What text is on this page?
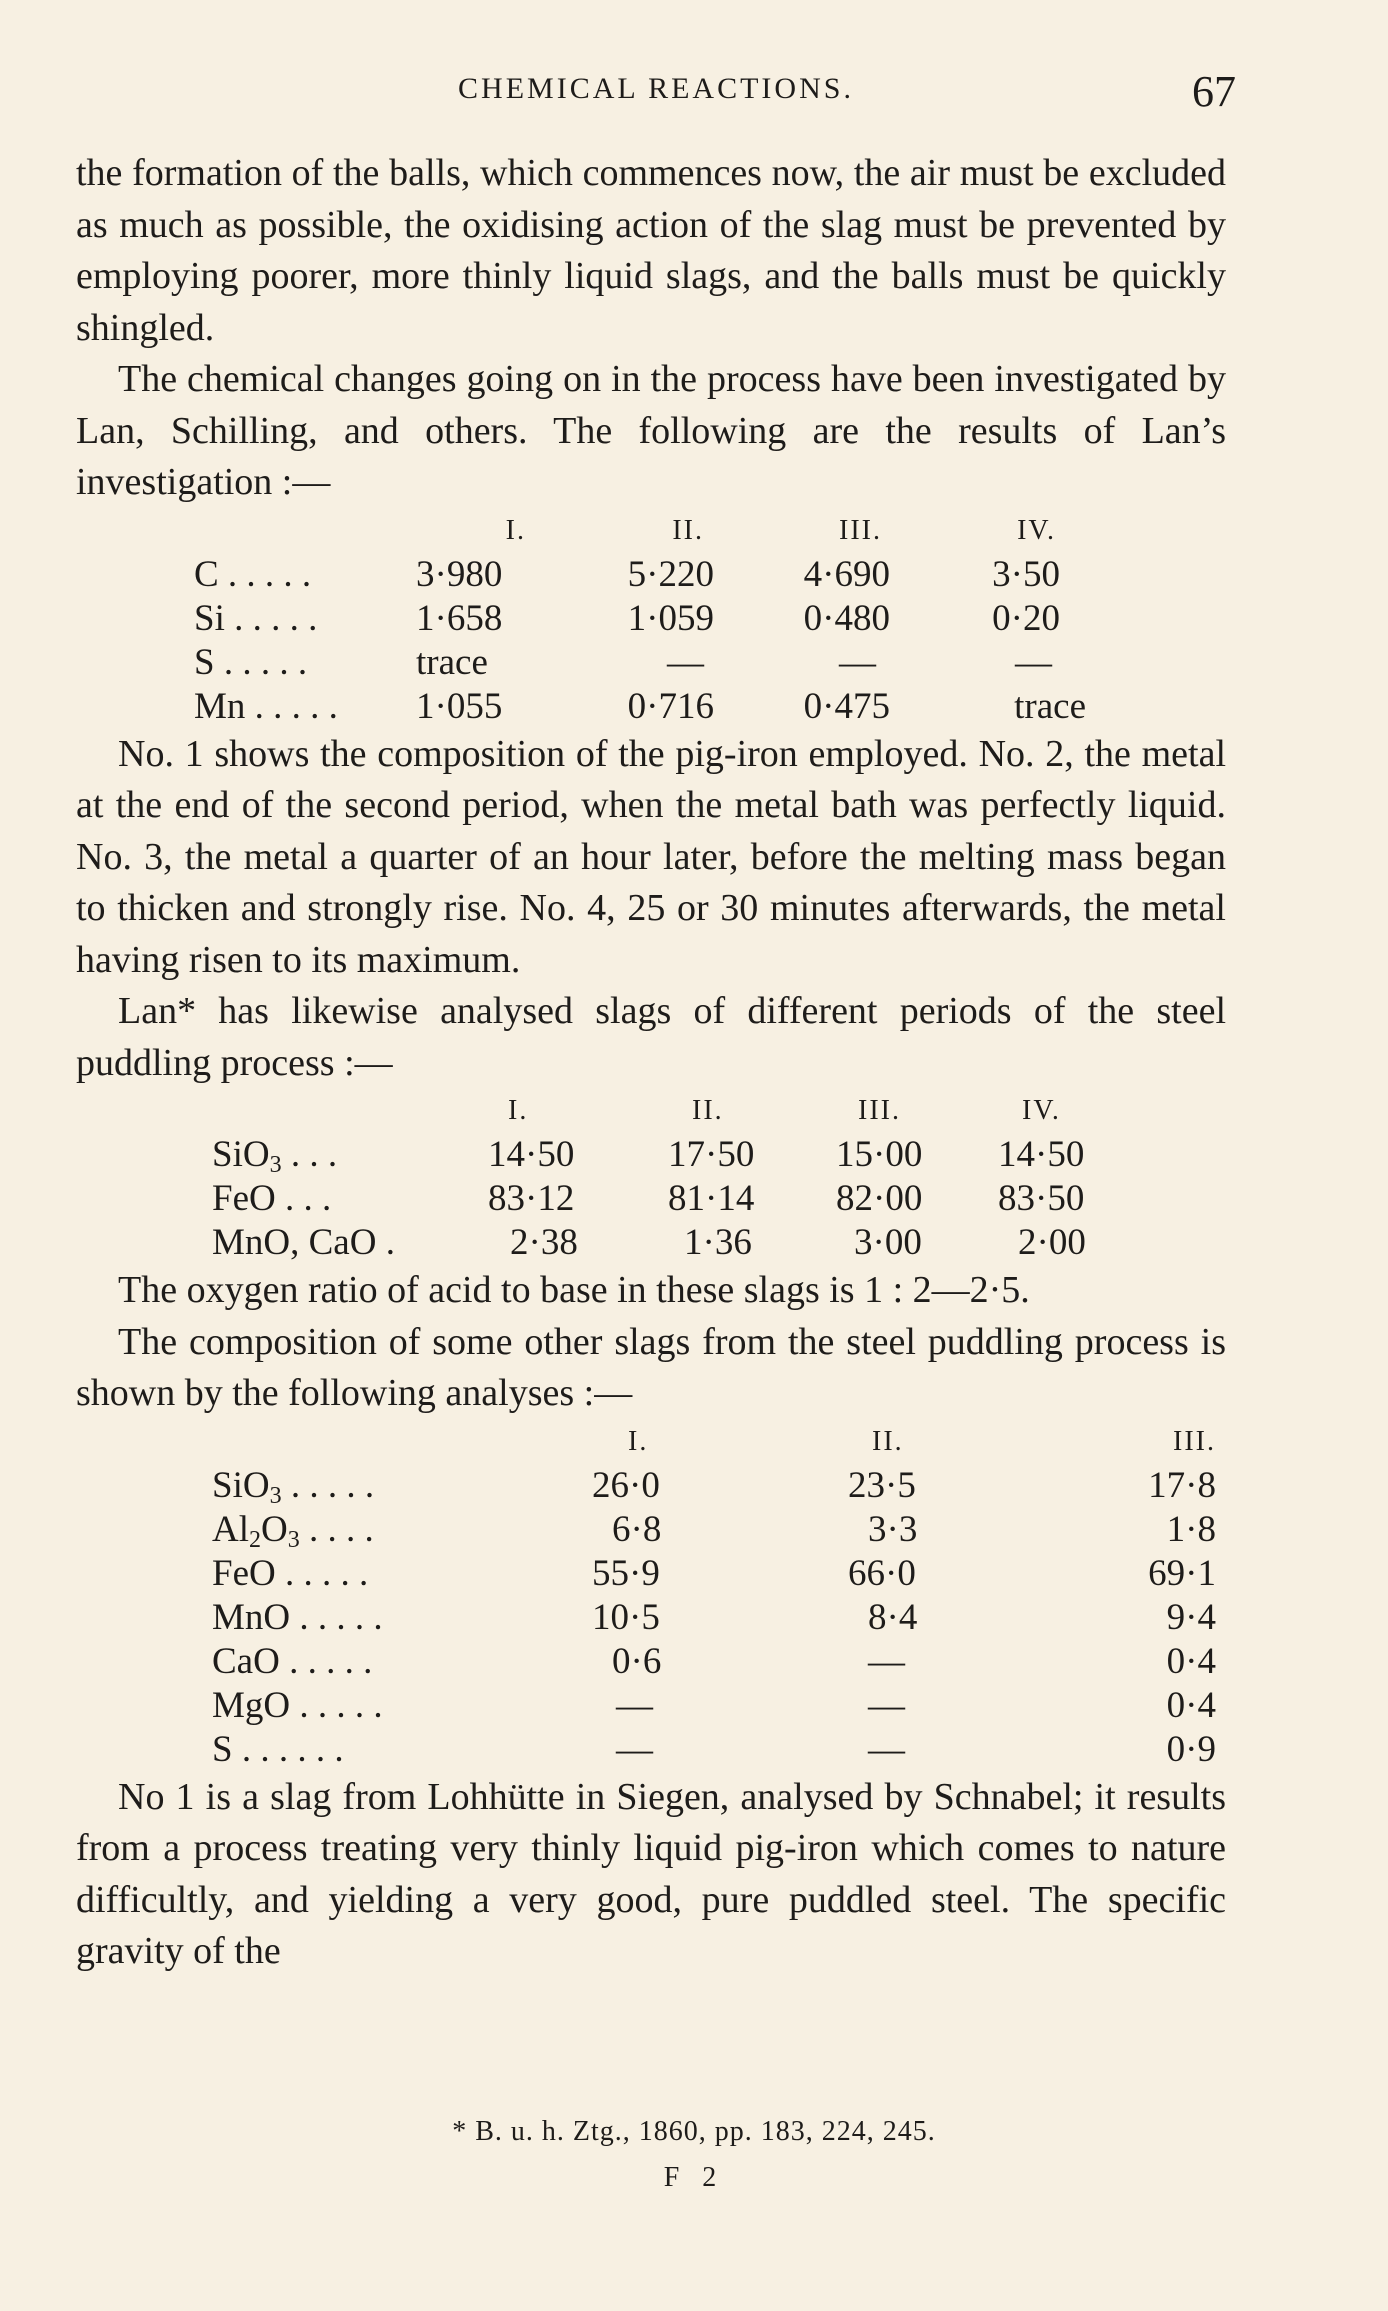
CHEMICAL REACTIONS.	67

the formation of the balls, which commences now, the air must be excluded as much as possible, the oxidising action of the slag must be prevented by employing poorer, more thinly liquid slags, and the balls must be quickly shingled.

The chemical changes going on in the process have been investigated by Lan, Schilling, and others. The following are the results of Lan’s investigation :—

	I.	II.	III.	IV.
C . . . . .	3·980	5·220	4·690	3·50
Si . . . . .	1·658	1·059	0·480	0·20
S . . . . .	trace	—	—	—
Mn . . . . .	1·055	0·716	0·475	trace

No. 1 shows the composition of the pig-iron employed. No. 2, the metal at the end of the second period, when the metal bath was perfectly liquid. No. 3, the metal a quarter of an hour later, before the melting mass began to thicken and strongly rise. No. 4, 25 or 30 minutes afterwards, the metal having risen to its maximum.

Lan* has likewise analysed slags of different periods of the steel puddling process :—

	I.	II.	III.	IV.
SiO$_3$ . . .	14·50	17·50	15·00	14·50
FeO . . .	83·12	81·14	82·00	83·50
MnO, CaO .	2·38	1·36	3·00	2·00

The oxygen ratio of acid to base in these slags is 1 : 2—2·5.

The composition of some other slags from the steel puddling process is shown by the following analyses :—

	I.	II.	III.
SiO$_3$ . . . . .	26·0	23·5	17·8
$Al_2O_3$ . . . .	6·8	3·3	1·8
FeO . . . . .	55·9	66·0	69·1
MnO . . . . .	10·5	8·4	9·4
CaO . . . . .	0·6	—	0·4
MgO . . . . .	—	—	0·4
S . . . . . .	—	—	0·9

No 1 is a slag from Lohhütte in Siegen, analysed by Schnabel; it results from a process treating very thinly liquid pig-iron which comes to nature difficultly, and yielding a very good, pure puddled steel. The specific gravity of the

* B. u. h. Ztg., 1860, pp. 183, 224, 245.
F 2
